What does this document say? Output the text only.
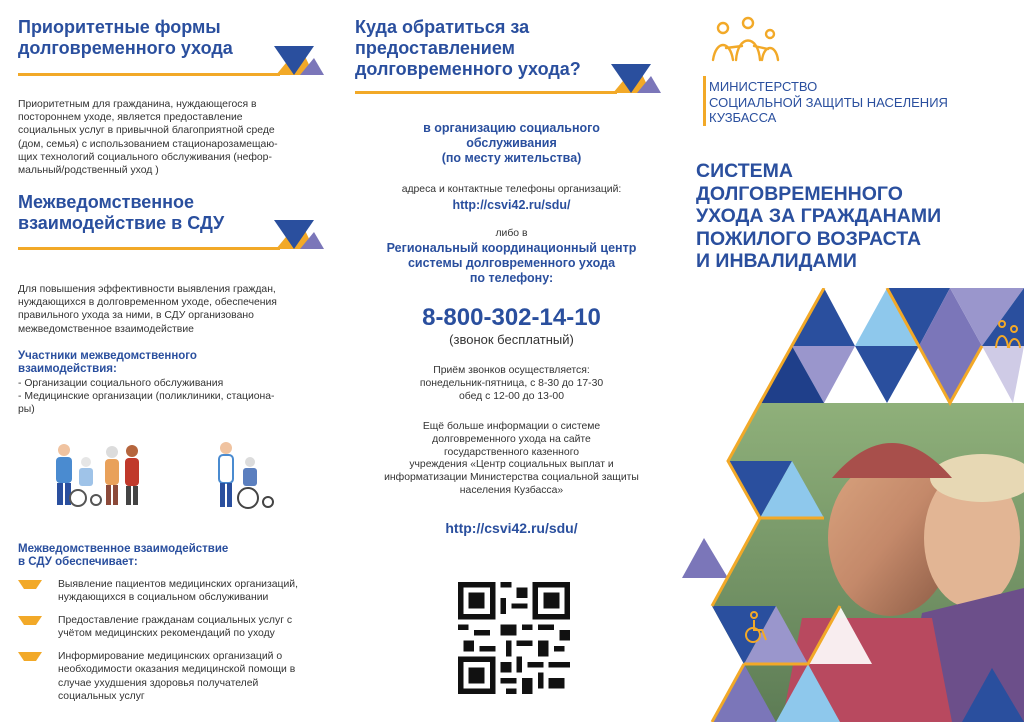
Приоритетные формы
долговременного ухода
Приоритетным для гражданина, нуждающегося в
постороннем уходе, является предоставление
социальных услуг в привычной благоприятной среде
(дом, семья) с использованием стационарозамещаю-
щих технологий социального обслуживания (нефор-
мальный/родственный уход )
Межведомственное
взаимодействие в СДУ
Для повышения эффективности выявления граждан,
нуждающихся в долговременном уходе, обеспечения
правильного ухода за ними, в СДУ организовано
межведомственное взаимодействие
Участники межведомственного
взаимодействия:
- Организации социального обслуживания
- Медицинские организации (поликлиники, стациона-
ры)
Межведомственное взаимодействие
в СДУ обеспечивает:
Выявление пациентов медицинских организаций,
нуждающихся в социальном обслуживании
Предоставление гражданам социальных услуг с
учётом медицинских рекомендаций по уходу
Информирование медицинских организаций о
необходимости оказания медицинской помощи в
случае ухудшения здоровья получателей
социальных услуг
Куда обратиться за
предоставлением
долговременного ухода?
в организацию социального
обслуживания
(по месту жительства)
адреса и контактные телефоны организаций:
http://csvi42.ru/sdu/
либо в
Региональный координационный центр
системы долговременного ухода
по телефону:
8-800-302-14-10
(звонок бесплатный)
Приём звонков осуществляется:
понедельник-пятница, с 8-30 до 17-30
обед с 12-00 до 13-00
Ещё больше информации о системе
долговременного ухода на сайте
государственного казенного
учреждения «Центр социальных выплат и
информатизации Министерства социальной защиты
населения Кузбасса»
http://csvi42.ru/sdu/
МИНИСТЕРСТВО
СОЦИАЛЬНОЙ ЗАЩИТЫ НАСЕЛЕНИЯ
КУЗБАССА
СИСТЕМА
ДОЛГОВРЕМЕННОГО
УХОДА ЗА ГРАЖДАНАМИ
ПОЖИЛОГО ВОЗРАСТА
И ИНВАЛИДАМИ
